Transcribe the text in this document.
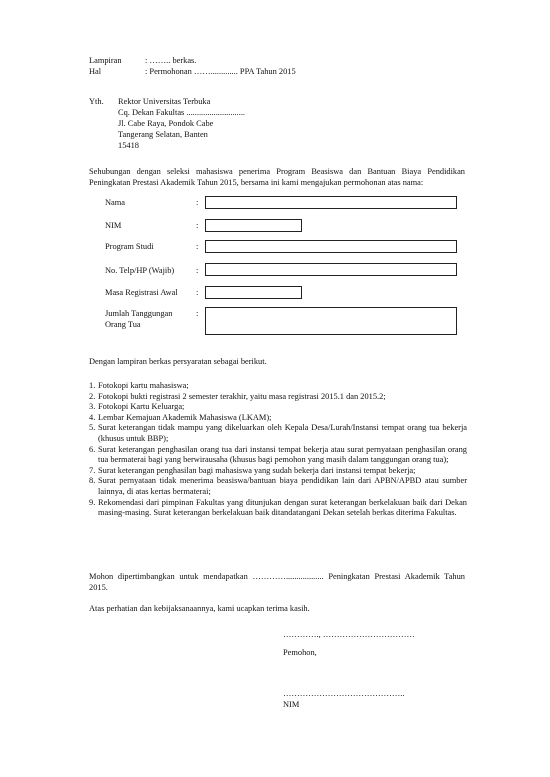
Lampiran	: …….. berkas.
Hal	: Permohonan ……............. PPA Tahun 2015
Yth. Rektor Universitas Terbuka
Cq. Dekan Fakultas ............................
Jl. Cabe Raya, Pondok Cabe
Tangerang Selatan, Banten
15418
Sehubungan dengan seleksi mahasiswa penerima Program Beasiswa dan Bantuan Biaya Pendidikan Peningkatan Prestasi Akademik Tahun 2015, bersama ini kami mengajukan permohonan atas nama:
Nama	:
NIM	:
Program Studi	:
No. Telp/HP (Wajib)	:
Masa Registrasi Awal :
Jumlah Tanggungan
Orang Tua
:
Dengan lampiran berkas persyaratan sebagai berikut.
1. Fotokopi kartu mahasiswa;
2. Fotokopi bukti registrasi 2 semester terakhir, yaitu masa registrasi 2015.1 dan 2015.2;
3. Fotokopi Kartu Keluarga;
4. Lembar Kemajuan Akademik Mahasiswa (LKAM);
5. Surat keterangan tidak mampu yang dikeluarkan oleh Kepala Desa/Lurah/Instansi tempat orang tua bekerja (khusus untuk BBP);
6. Surat keterangan penghasilan orang tua dari instansi tempat bekerja atau surat pernyataan penghasilan orang tua bermaterai bagi yang berwirausaha (khusus bagi pemohon yang masih dalam tanggungan orang tua);
7. Surat keterangan penghasilan bagi mahasiswa yang sudah bekerja dari instansi tempat bekerja;
8. Surat pernyataan tidak menerima beasiswa/bantuan biaya pendidikan lain dari APBN/APBD atau sumber lainnya, di atas kertas bermaterai;
9. Rekomendasi dari pimpinan Fakultas yang ditunjukan dengan surat keterangan berkelakuan baik dari Dekan masing-masing. Surat keterangan berkelakuan baik ditandatangani Dekan setelah berkas diterima Fakultas.
Mohon dipertimbangkan untuk mendapatkan ………….................. Peningkatan Prestasi Akademik Tahun 2015.
Atas perhatian dan kebijaksanaannya, kami ucapkan terima kasih.
…………., ……………………………
Pemohon,
……………………………………..
NIM
